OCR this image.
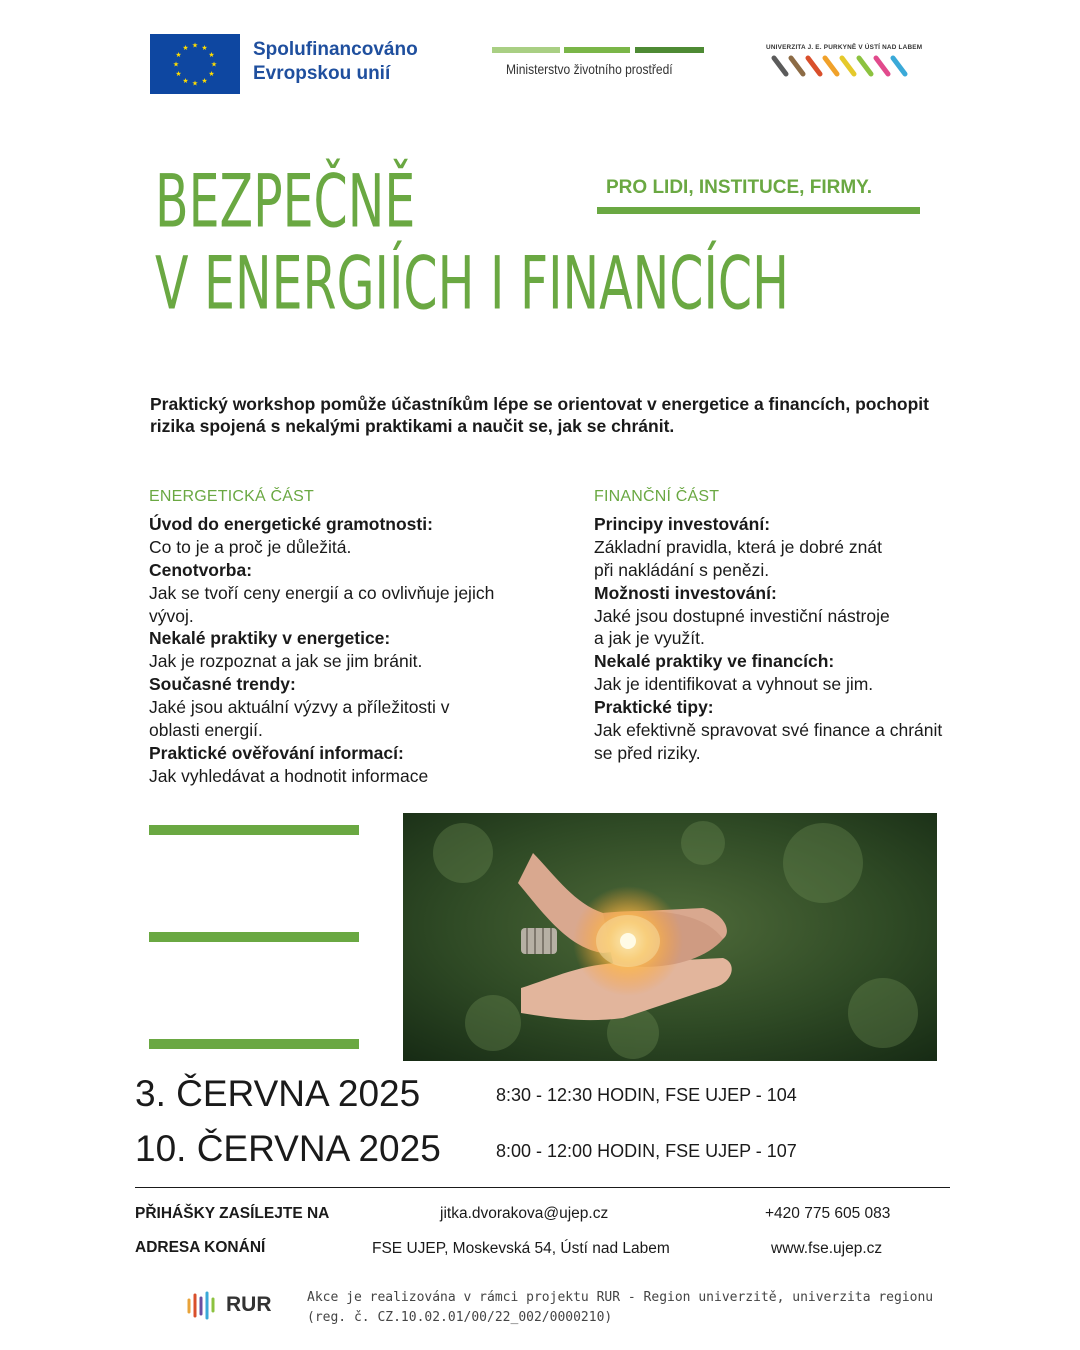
★ ★
★
★
★
★
★
★
★
★
★
★	Spolufinancováno
Evropskou unií	Ministerstvo životního prostředí
UNIVERZITA J. E. PURKYNĚ V ÚSTÍ NAD LABEM
BEZPEČNĚ
V ENERGIÍCH I FINANCÍCH
PRO LIDI, INSTITUCE, FIRMY.
Praktický workshop pomůže účastníkům lépe se orientovat v energetice a financích, pochopit rizika spojená s nekalými praktikami a naučit se, jak se chránit.
ENERGETICKÁ ČÁST
Úvod do energetické gramotnosti:
Co to je a proč je důležitá.
Cenotvorba:
Jak se tvoří ceny energií a co ovlivňuje jejich vývoj.
Nekalé praktiky v energetice:
Jak je rozpoznat a jak se jim bránit.
Současné trendy:
Jaké jsou aktuální výzvy a příležitosti v oblasti energií.
Praktické ověřování informací:
Jak vyhledávat a hodnotit informace
FINANČNÍ ČÁST
Principy investování:
Základní pravidla, která je dobré znát při nakládání s penězi.
Možnosti investování:
Jaké jsou dostupné investiční nástroje a jak je využít.
Nekalé praktiky ve financích:
Jak je identifikovat a vyhnout se jim.
Praktické tipy:
Jak efektivně spravovat své finance a chránit se před riziky.
3. ČERVNA 2025	8:30 - 12:30 HODIN, FSE UJEP - 104
10. ČERVNA 2025	8:00 - 12:00 HODIN, FSE UJEP - 107
PŘIHÁŠKY ZASÍLEJTE NA	jitka.dvorakova@ujep.cz	+420 775 605 083
ADRESA KONÁNÍ	FSE UJEP, Moskevská 54, Ústí nad Labem	www.fse.ujep.cz
RUR	Akce je realizována v rámci projektu RUR - Region univerzitě, univerzita regionu
(reg. č. CZ.10.02.01/00/22_002/0000210)
